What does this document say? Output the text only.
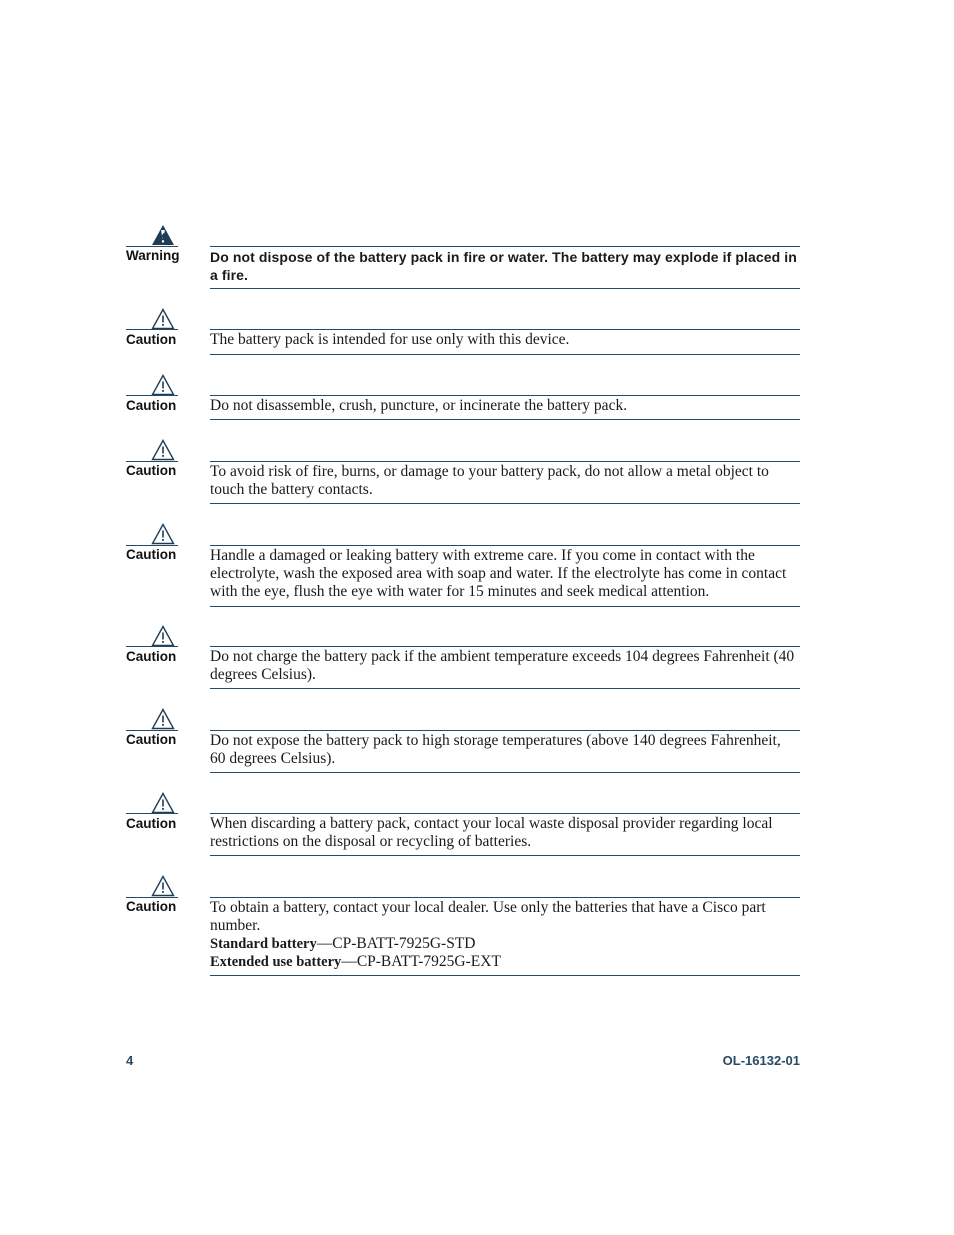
Warning Do not dispose of the battery pack in fire or water. The battery may explode if placed in a fire.
Caution The battery pack is intended for use only with this device.
Caution Do not disassemble, crush, puncture, or incinerate the battery pack.
Caution To avoid risk of fire, burns, or damage to your battery pack, do not allow a metal object to touch the battery contacts.
Caution Handle a damaged or leaking battery with extreme care. If you come in contact with the electrolyte, wash the exposed area with soap and water. If the electrolyte has come in contact with the eye, flush the eye with water for 15 minutes and seek medical attention.
Caution Do not charge the battery pack if the ambient temperature exceeds 104 degrees Fahrenheit (40 degrees Celsius).
Caution Do not expose the battery pack to high storage temperatures (above 140 degrees Fahrenheit, 60 degrees Celsius).
Caution When discarding a battery pack, contact your local waste disposal provider regarding local restrictions on the disposal or recycling of batteries.
Caution To obtain a battery, contact your local dealer. Use only the batteries that have a Cisco part number.
Standard battery—CP-BATT-7925G-STD
Extended use battery—CP-BATT-7925G-EXT
4	OL-16132-01
